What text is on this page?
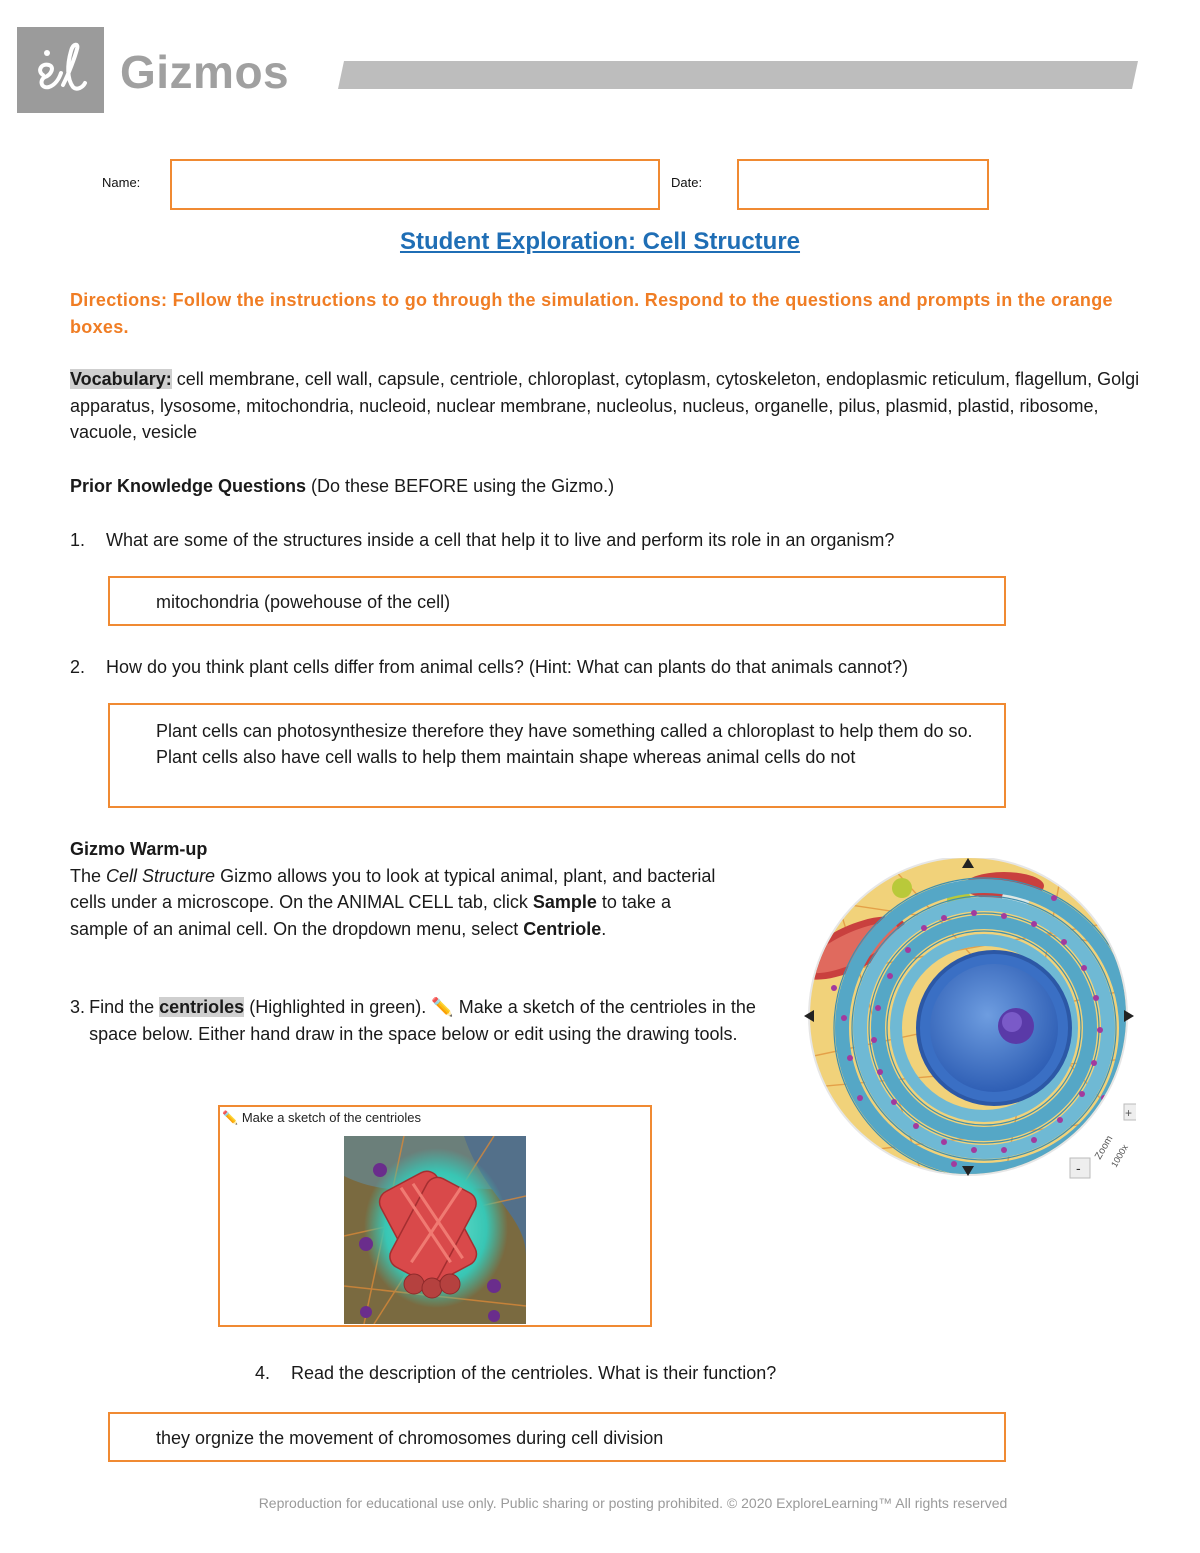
Gizmos
Name:	Date:
Student Exploration: Cell Structure
Directions: Follow the instructions to go through the simulation. Respond to the questions and prompts in the orange boxes.
Vocabulary: cell membrane, cell wall, capsule, centriole, chloroplast, cytoplasm, cytoskeleton, endoplasmic reticulum, flagellum, Golgi apparatus, lysosome, mitochondria, nucleoid, nuclear membrane, nucleolus, nucleus, organelle, pilus, plasmid, plastid, ribosome, vacuole, vesicle
Prior Knowledge Questions (Do these BEFORE using the Gizmo.)
1. What are some of the structures inside a cell that help it to live and perform its role in an organism?
mitochondria (powehouse of the cell)
2. How do you think plant cells differ from animal cells? (Hint: What can plants do that animals cannot?)
Plant cells can photosynthesize therefore they have something called a chloroplast to help them do so. Plant cells also have cell walls to help them maintain shape whereas animal cells do not
Gizmo Warm-up
The Cell Structure Gizmo allows you to look at typical animal, plant, and bacterial cells under a microscope. On the ANIMAL CELL tab, click Sample to take a sample of an animal cell. On the dropdown menu, select Centriole.
3. Find the centrioles (Highlighted in green). ✏️ Make a sketch of the centrioles in the space below. Either hand draw in the space below or edit using the drawing tools.
+
-
Zoom
1000x
✏️ Make a sketch of the centrioles
4. Read the description of the centrioles. What is their function?
they orgnize the movement of chromosomes during cell division
Reproduction for educational use only. Public sharing or posting prohibited. © 2020 ExploreLearning™ All rights reserved
